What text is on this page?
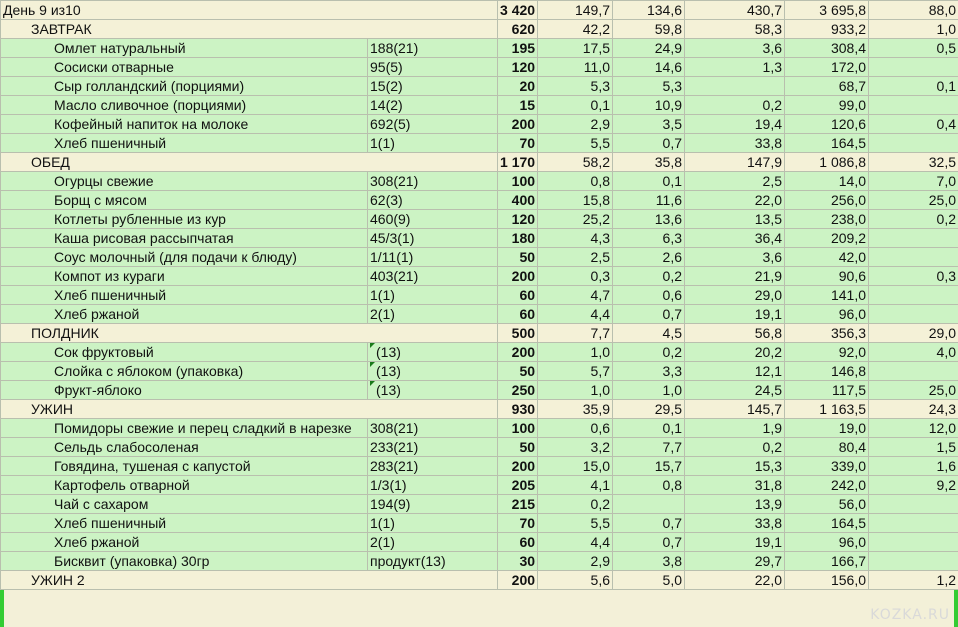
День 9 из10		3 420	149,7	134,6	430,7	3 695,8	88,0
ЗАВТРАК		620	42,2	59,8	58,3	933,2	1,0
Омлет натуральный	188(21)	195	17,5	24,9	3,6	308,4	0,5
Сосиски отварные	95(5)	120	11,0	14,6	1,3	172,0	
Сыр голландский (порциями)	15(2)	20	5,3	5,3		68,7	0,1
Масло сливочное (порциями)	14(2)	15	0,1	10,9	0,2	99,0	
Кофейный напиток на молоке	692(5)	200	2,9	3,5	19,4	120,6	0,4
Хлеб пшеничный	1(1)	70	5,5	0,7	33,8	164,5	
ОБЕД		1 170	58,2	35,8	147,9	1 086,8	32,5
Огурцы свежие	308(21)	100	0,8	0,1	2,5	14,0	7,0
Борщ с мясом	62(3)	400	15,8	11,6	22,0	256,0	25,0
Котлеты рубленные из кур	460(9)	120	25,2	13,6	13,5	238,0	0,2
Каша рисовая рассыпчатая	45/3(1)	180	4,3	6,3	36,4	209,2	
Соус молочный (для подачи к блюду)	1/11(1)	50	2,5	2,6	3,6	42,0	
Компот из кураги	403(21)	200	0,3	0,2	21,9	90,6	0,3
Хлеб пшеничный	1(1)	60	4,7	0,6	29,0	141,0	
Хлеб ржаной	2(1)	60	4,4	0,7	19,1	96,0	
ПОЛДНИК		500	7,7	4,5	56,8	356,3	29,0
Сок фруктовый	(13)	200	1,0	0,2	20,2	92,0	4,0
Слойка с яблоком (упаковка)	(13)	50	5,7	3,3	12,1	146,8	
Фрукт-яблоко	(13)	250	1,0	1,0	24,5	117,5	25,0
УЖИН		930	35,9	29,5	145,7	1 163,5	24,3
Помидоры свежие и перец сладкий в нарезке	308(21)	100	0,6	0,1	1,9	19,0	12,0
Сельдь слабосоленая	233(21)	50	3,2	7,7	0,2	80,4	1,5
Говядина, тушеная с капустой	283(21)	200	15,0	15,7	15,3	339,0	1,6
Картофель отварной	1/3(1)	205	4,1	0,8	31,8	242,0	9,2
Чай с сахаром	194(9)	215	0,2		13,9	56,0	
Хлеб пшеничный	1(1)	70	5,5	0,7	33,8	164,5	
Хлеб ржаной	2(1)	60	4,4	0,7	19,1	96,0	
Бисквит (упаковка) 30гр	продукт(13)	30	2,9	3,8	29,7	166,7	
УЖИН 2		200	5,6	5,0	22,0	156,0	1,2
KOZKA.RU
